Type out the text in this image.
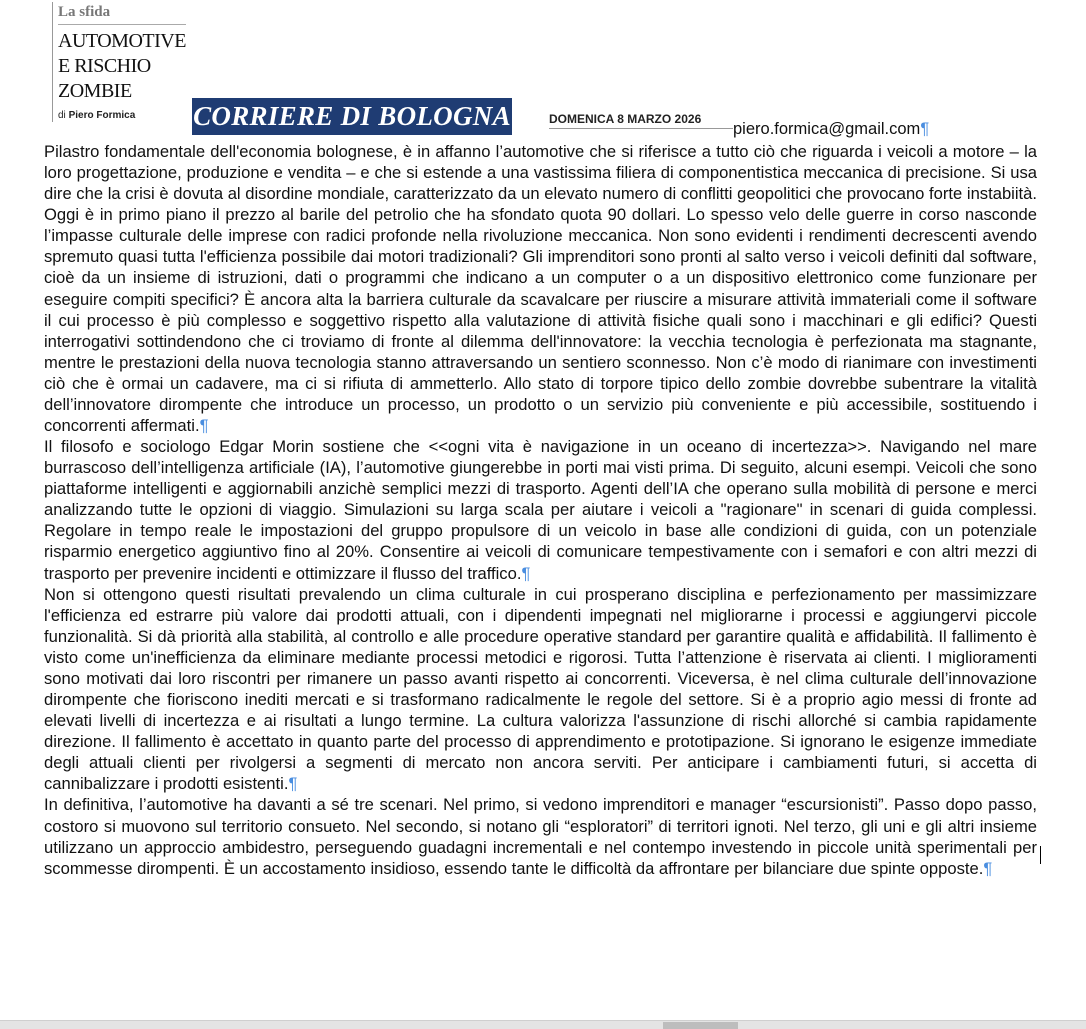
La sfida
AUTOMOTIVE
E RISCHIO
ZOMBIE
di Piero Formica CORRIERE DI BOLOGNA	DOMENICA 8 MARZO 2026
piero.formica@gmail.com¶

Pilastro fondamentale dell'economia bolognese, è in affanno l’automotive che si riferisce a tutto ciò che riguarda i veicoli a motore – la loro progettazione, produzione e vendita – e che si estende a una vastissima filiera di componentistica meccanica di precisione. Si usa dire che la crisi è dovuta al disordine mondiale, caratterizzato da un elevato numero di conflitti geopolitici che provocano forte instabiità. Oggi è in primo piano il prezzo al barile del petrolio che ha sfondato quota 90 dollari. Lo spesso velo delle guerre in corso nasconde l’impasse culturale delle imprese con radici profonde nella rivoluzione meccanica. Non sono evidenti i rendimenti decrescenti avendo spremuto quasi tutta l'efficienza possibile dai motori tradizionali? Gli imprenditori sono pronti al salto verso i veicoli definiti dal software, cioè da un insieme di istruzioni, dati o programmi che indicano a un computer o a un dispositivo elettronico come funzionare per eseguire compiti specifici? È ancora alta la barriera culturale da scavalcare per riuscire a misurare attività immateriali come il software il cui processo è più complesso e soggettivo rispetto alla valutazione di attività fisiche quali sono i macchinari e gli edifici? Questi interrogativi sottindendono che ci troviamo di fronte al dilemma dell'innovatore: la vecchia tecnologia è perfezionata ma stagnante, mentre le prestazioni della nuova tecnologia stanno attraversando un sentiero sconnesso. Non c’è modo di rianimare con investimenti ciò che è ormai un cadavere, ma ci si rifiuta di ammetterlo. Allo stato di torpore tipico dello zombie dovrebbe subentrare la vitalità dell’innovatore dirompente che introduce un processo, un prodotto o un servizio più conveniente e più accessibile, sostituendo i concorrenti affermati.¶

Il filosofo e sociologo Edgar Morin sostiene che <<ogni vita è navigazione in un oceano di incertezza>>. Navigando nel mare burrascoso dell’intelligenza artificiale (IA), l’automotive giungerebbe in porti mai visti prima. Di seguito, alcuni esempi. Veicoli che sono piattaforme intelligenti e aggiornabili anzichè semplici mezzi di trasporto. Agenti dell’IA che operano sulla mobilità di persone e merci analizzando tutte le opzioni di viaggio. Simulazioni su larga scala per aiutare i veicoli a "ragionare" in scenari di guida complessi. Regolare in tempo reale le impostazioni del gruppo propulsore di un veicolo in base alle condizioni di guida, con un potenziale risparmio energetico aggiuntivo fino al 20%. Consentire ai veicoli di comunicare tempestivamente con i semafori e con altri mezzi di trasporto per prevenire incidenti e ottimizzare il flusso del traffico.¶

Non si ottengono questi risultati prevalendo un clima culturale in cui prosperano disciplina e perfezionamento per massimizzare l'efficienza ed estrarre più valore dai prodotti attuali, con i dipendenti impegnati nel migliorarne i processi e aggiungervi piccole funzionalità. Si dà priorità alla stabilità, al controllo e alle procedure operative standard per garantire qualità e affidabilità. Il fallimento è visto come un'inefficienza da eliminare mediante processi metodici e rigorosi. Tutta l’attenzione è riservata ai clienti. I miglioramenti sono motivati dai loro riscontri per rimanere un passo avanti rispetto ai concorrenti. Viceversa, è nel clima culturale dell’innovazione dirompente che fioriscono inediti mercati e si trasformano radicalmente le regole del settore. Si è a proprio agio messi di fronte ad elevati livelli di incertezza e ai risultati a lungo termine. La cultura valorizza l'assunzione di rischi allorché si cambia rapidamente direzione. Il fallimento è accettato in quanto parte del processo di apprendimento e prototipazione. Si ignorano le esigenze immediate degli attuali clienti per rivolgersi a segmenti di mercato non ancora serviti. Per anticipare i cambiamenti futuri, si accetta di cannibalizzare i prodotti esistenti.¶

In definitiva, l’automotive ha davanti a sé tre scenari. Nel primo, si vedono imprenditori e manager “escursionisti”. Passo dopo passo, costoro si muovono sul territorio consueto. Nel secondo, si notano gli “esploratori” di territori ignoti. Nel terzo, gli uni e gli altri insieme utilizzano un approccio ambidestro, perseguendo guadagni incrementali e nel contempo investendo in piccole unità sperimentali per scommesse dirompenti. È un accostamento insidioso, essendo tante le difficoltà da affrontare per bilanciare due spinte opposte.¶
